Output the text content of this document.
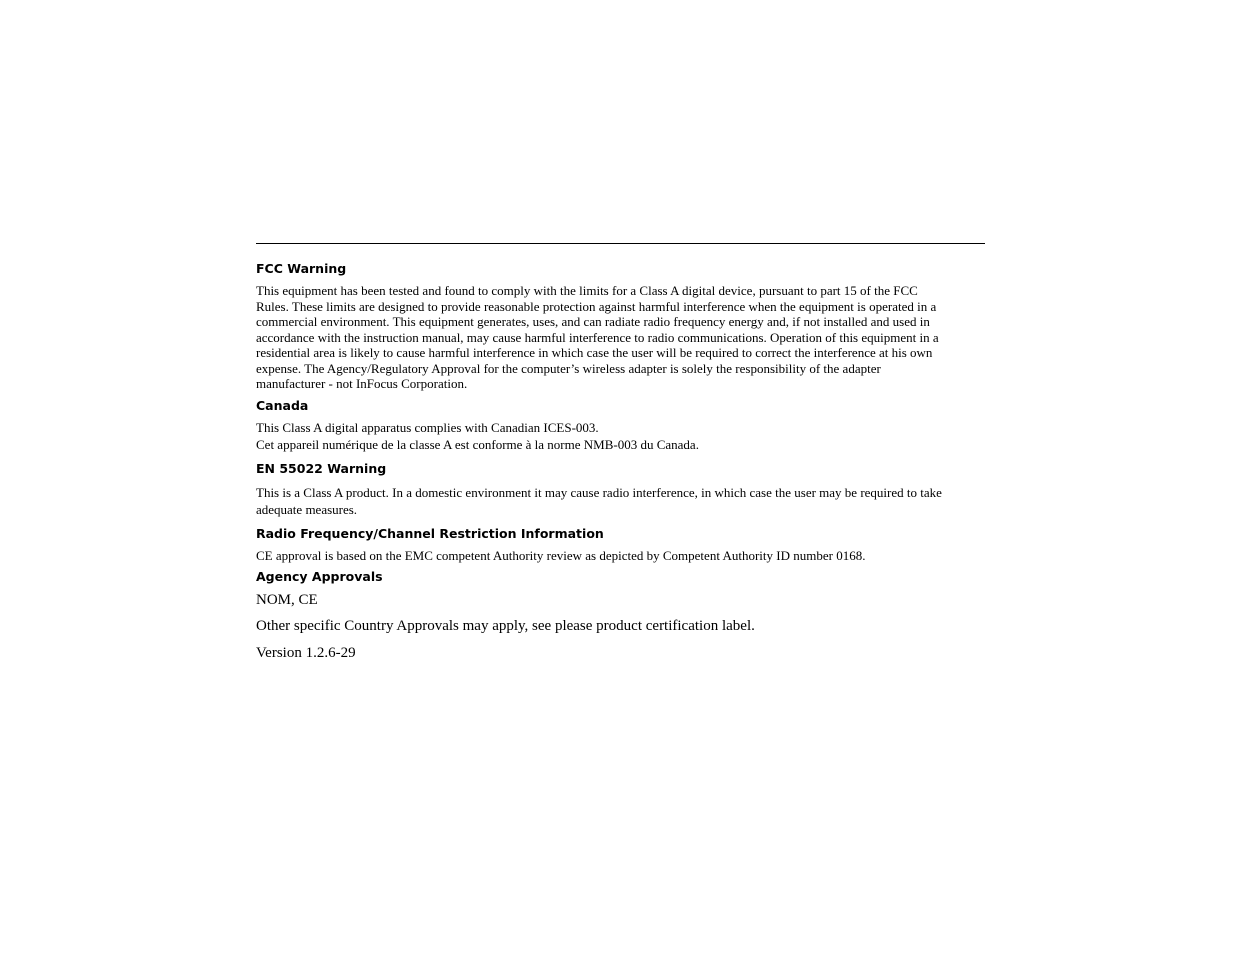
FCC Warning

This equipment has been tested and found to comply with the limits for a Class A digital device, pursuant to part 15 of the FCC
Rules. These limits are designed to provide reasonable protection against harmful interference when the equipment is operated in a
commercial environment. This equipment generates, uses, and can radiate radio frequency energy and, if not installed and used in
accordance with the instruction manual, may cause harmful interference to radio communications. Operation of this equipment in a
residential area is likely to cause harmful interference in which case the user will be required to correct the interference at his own
expense. The Agency/Regulatory Approval for the computer’s wireless adapter is solely the responsibility of the adapter
manufacturer - not InFocus Corporation.

Canada

This Class A digital apparatus complies with Canadian ICES-003.

Cet appareil numérique de la classe A est conforme à la norme NMB-003 du Canada.

EN 55022 Warning

This is a Class A product. In a domestic environment it may cause radio interference, in which case the user may be required to take
adequate measures.

Radio Frequency/Channel Restriction Information

CE approval is based on the EMC competent Authority review as depicted by Competent Authority ID number 0168.

Agency Approvals

NOM, CE

Other specific Country Approvals may apply, see please product certification label.

Version 1.2.6-29
